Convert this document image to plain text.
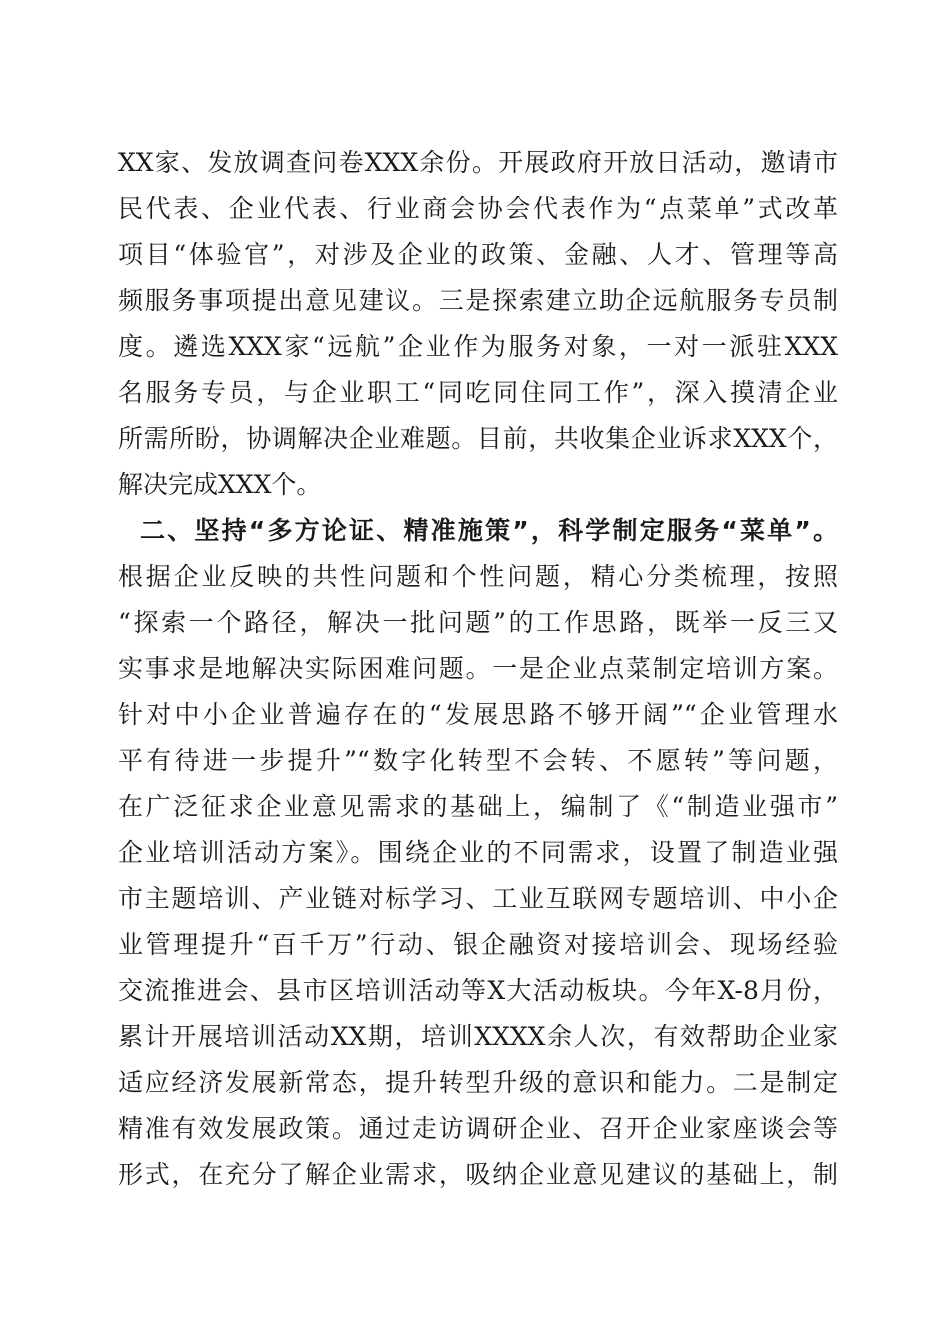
XX家、发放调查问卷XXX余份。开展政府开放日活动，邀请市
民代表、企业代表、行业商会协会代表作为“点菜单”式改革
项目“体验官”，对涉及企业的政策、金融、人才、管理等高
频服务事项提出意见建议。三是探索建立助企远航服务专员制
度。遴选XXX家“远航”企业作为服务对象，一对一派驻XXX
名服务专员，与企业职工“同吃同住同工作”，深入摸清企业
所需所盼，协调解决企业难题。目前，共收集企业诉求XXX个，
解决完成XXX个。
二、坚持“多方论证、精准施策”，科学制定服务“菜单”。
根据企业反映的共性问题和个性问题，精心分类梳理，按照
“探索一个路径，解决一批问题”的工作思路，既举一反三又
实事求是地解决实际困难问题。一是企业点菜制定培训方案。
针对中小企业普遍存在的“发展思路不够开阔”“企业管理水
平有待进一步提升”“数字化转型不会转、不愿转”等问题，
在广泛征求企业意见需求的基础上，编制了《“制造业强市”
企业培训活动方案》。围绕企业的不同需求，设置了制造业强
市主题培训、产业链对标学习、工业互联网专题培训、中小企
业管理提升“百千万”行动、银企融资对接培训会、现场经验
交流推进会、县市区培训活动等X大活动板块。今年X-8月份，
累计开展培训活动XX期，培训XXXX余人次，有效帮助企业家
适应经济发展新常态，提升转型升级的意识和能力。二是制定
精准有效发展政策。通过走访调研企业、召开企业家座谈会等
形式，在充分了解企业需求，吸纳企业意见建议的基础上，制
